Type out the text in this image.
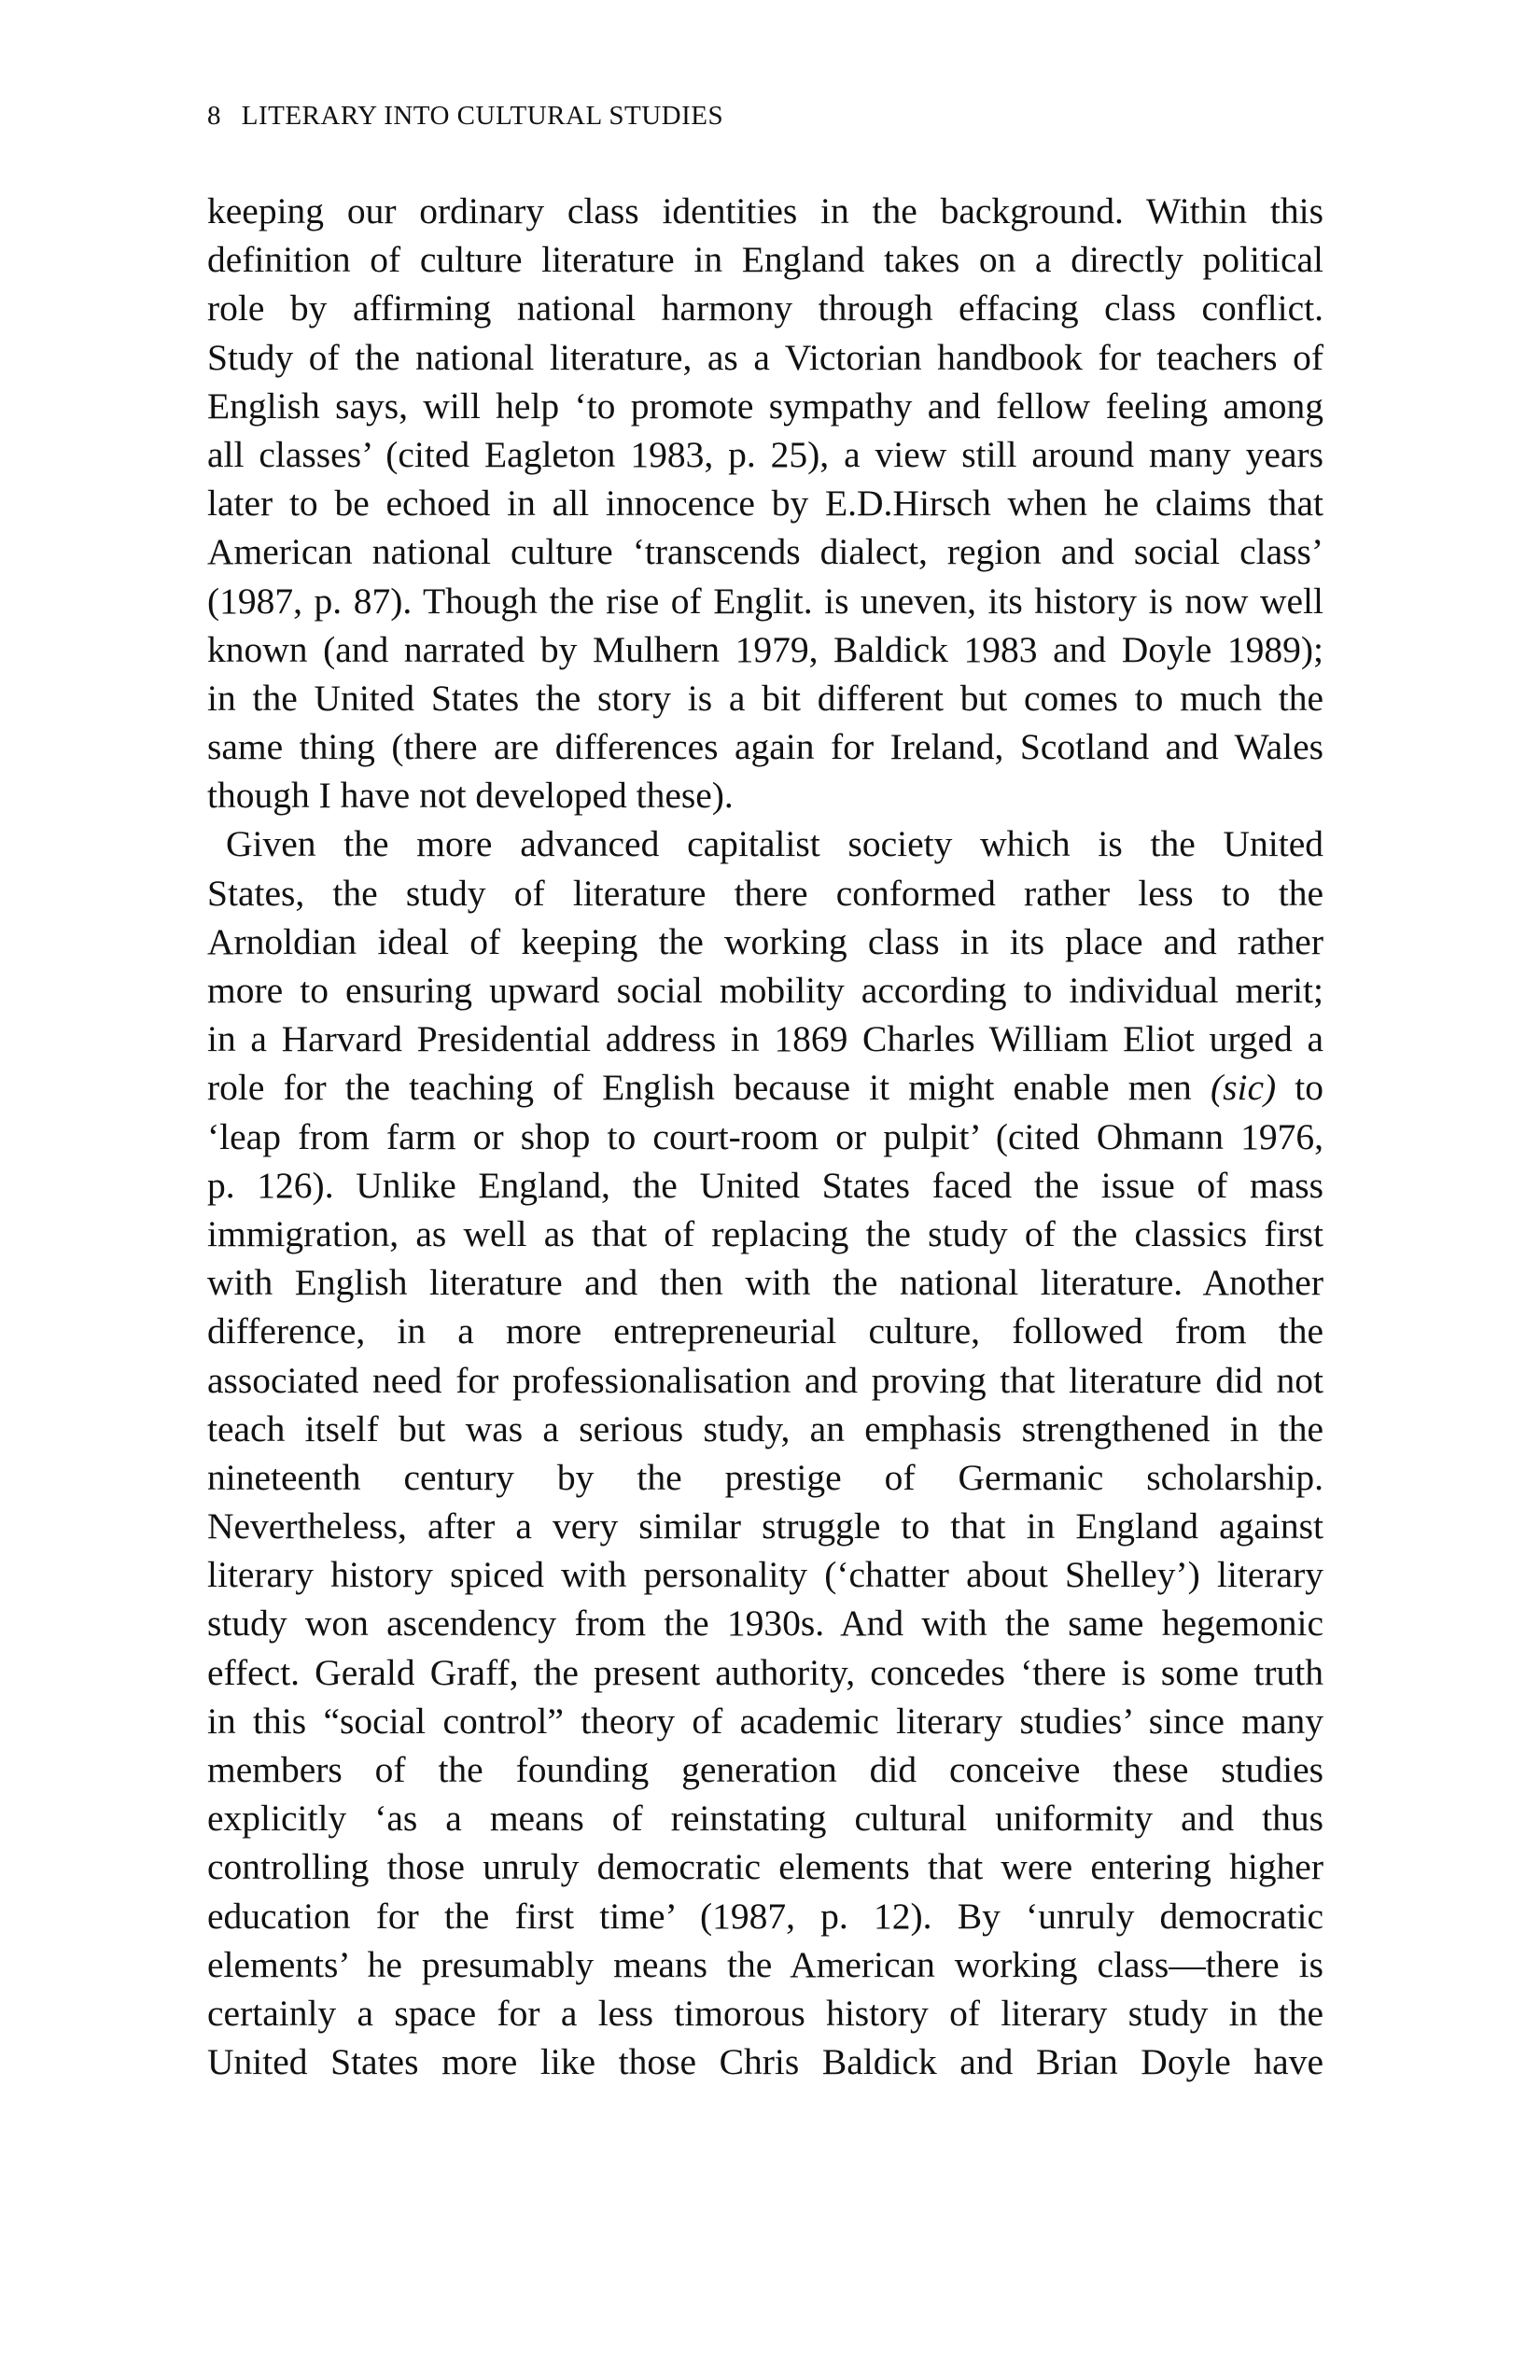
8 LITERARY INTO CULTURAL STUDIES
keeping our ordinary class identities in the background. Within this
definition of culture literature in England takes on a directly political
role by affirming national harmony through effacing class conflict.
Study of the national literature, as a Victorian handbook for teachers of
English says, will help ‘to promote sympathy and fellow feeling among
all classes’ (cited Eagleton 1983, p. 25), a view still around many years
later to be echoed in all innocence by E.D.Hirsch when he claims that
American national culture ‘transcends dialect, region and social class’
(1987, p. 87). Though the rise of Englit. is uneven, its history is now well
known (and narrated by Mulhern 1979, Baldick 1983 and Doyle 1989);
in the United States the story is a bit different but comes to much the
same thing (there are differences again for Ireland, Scotland and Wales
though I have not developed these).
Given the more advanced capitalist society which is the United
States, the study of literature there conformed rather less to the
Arnoldian ideal of keeping the working class in its place and rather
more to ensuring upward social mobility according to individual merit;
in a Harvard Presidential address in 1869 Charles William Eliot urged a
role for the teaching of English because it might enable men (sic) to
‘leap from farm or shop to court-room or pulpit’ (cited Ohmann 1976,
p. 126). Unlike England, the United States faced the issue of mass
immigration, as well as that of replacing the study of the classics first
with English literature and then with the national literature. Another
difference, in a more entrepreneurial culture, followed from the
associated need for professionalisation and proving that literature did not
teach itself but was a serious study, an emphasis strengthened in the
nineteenth century by the prestige of Germanic scholarship.
Nevertheless, after a very similar struggle to that in England against
literary history spiced with personality (‘chatter about Shelley’) literary
study won ascendency from the 1930s. And with the same hegemonic
effect. Gerald Graff, the present authority, concedes ‘there is some truth
in this “social control” theory of academic literary studies’ since many
members of the founding generation did conceive these studies
explicitly ‘as a means of reinstating cultural uniformity and thus
controlling those unruly democratic elements that were entering higher
education for the first time’ (1987, p. 12). By ‘unruly democratic
elements’ he presumably means the American working class—there is
certainly a space for a less timorous history of literary study in the
United States more like those Chris Baldick and Brian Doyle have
